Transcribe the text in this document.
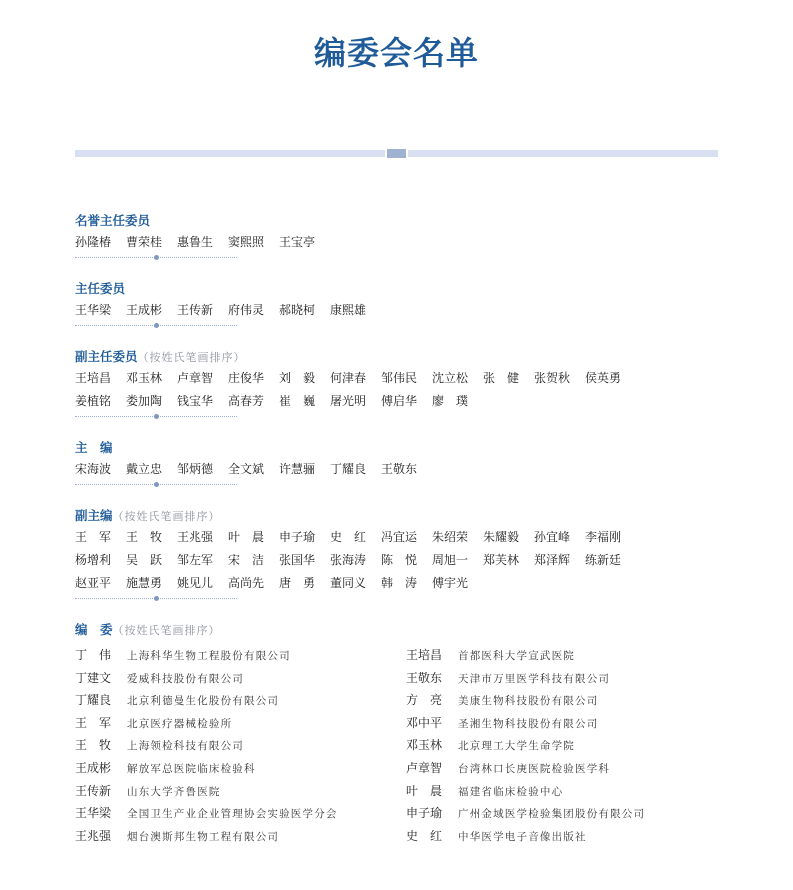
编委会名单
名誉主任委员
孙隆椿 曹荣桂 惠鲁生 窦熙照 王宝亭
主任委员
王华梁 王成彬 王传新 府伟灵 郝晓柯 康熙雄
副主任委员（按姓氏笔画排序）
王培昌 邓玉林 卢章智 庄俊华 刘　毅 何津春 邹伟民 沈立松 张　健 张贺秋 侯英勇
姜植铭 娄加陶 钱宝华 高春芳 崔　巍 屠光明 傅启华 廖　璞
主　编
宋海波 戴立忠 邹炳德 全文斌 许慧骊 丁耀良 王敬东
副主编（按姓氏笔画排序）
王　军 王　牧 王兆强 叶　晨 申子瑜 史　红 冯宜运 朱绍荣 朱耀毅 孙宜峰 李福刚
杨增利 吴　跃 邹左军 宋　洁 张国华 张海涛 陈　悦 周旭一 郑芙林 郑泽辉 练新廷
赵亚平 施慧勇 姚见儿 高尚先 唐　勇 董同义 韩　涛 傅宇光
编　委（按姓氏笔画排序）
丁　伟 上海科华生物工程股份有限公司
丁建文 爱威科技股份有限公司
丁耀良 北京利德曼生化股份有限公司
王　军 北京医疗器械检验所
王　牧 上海领检科技有限公司
王成彬 解放军总医院临床检验科
王传新 山东大学齐鲁医院
王华梁 全国卫生产业企业管理协会实验医学分会
王兆强 烟台澳斯邦生物工程有限公司
王培昌 首都医科大学宣武医院
王敬东 天津市万里医学科技有限公司
方　亮 美康生物科技股份有限公司
邓中平 圣湘生物科技股份有限公司
邓玉林 北京理工大学生命学院
卢章智 台湾林口长庚医院检验医学科
叶　晨 福建省临床检验中心
申子瑜 广州金域医学检验集团股份有限公司
史　红 中华医学电子音像出版社
